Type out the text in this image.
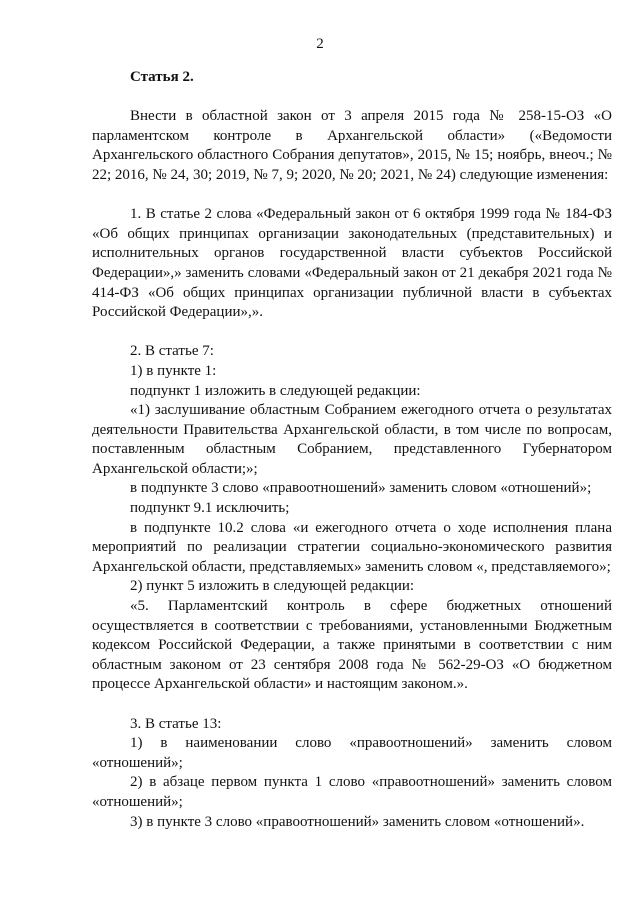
2
Статья 2.

Внести в областной закон от 3 апреля 2015 года № 258-15-ОЗ «О парламентском контроле в Архангельской области» («Ведомости Архангельского областного Собрания депутатов», 2015, № 15; ноябрь, внеоч.; № 22; 2016, № 24, 30; 2019, № 7, 9; 2020, № 20; 2021, № 24) следующие изменения:

1. В статье 2 слова «Федеральный закон от 6 октября 1999 года № 184-ФЗ «Об общих принципах организации законодательных (представительных) и исполнительных органов государственной власти субъектов Российской Федерации»,» заменить словами «Федеральный закон от 21 декабря 2021 года № 414-ФЗ «Об общих принципах организации публичной власти в субъектах Российской Федерации»,».

2. В статье 7:

1) в пункте 1:

подпункт 1 изложить в следующей редакции:

«1) заслушивание областным Собранием ежегодного отчета о результатах деятельности Правительства Архангельской области, в том числе по вопросам, поставленным областным Собранием, представленного Губернатором Архангельской области;»;

в подпункте 3 слово «правоотношений» заменить словом «отношений»;

подпункт 9.1 исключить;

в подпункте 10.2 слова «и ежегодного отчета о ходе исполнения плана мероприятий по реализации стратегии социально-экономического развития Архангельской области, представляемых» заменить словом «, представляемого»;

2) пункт 5 изложить в следующей редакции:

«5. Парламентский контроль в сфере бюджетных отношений осуществляется в соответствии с требованиями, установленными Бюджетным кодексом Российской Федерации, а также принятыми в соответствии с ним областным законом от 23 сентября 2008 года № 562-29-ОЗ «О бюджетном процессе Архангельской области» и настоящим законом.».

3. В статье 13:

1) в наименовании слово «правоотношений» заменить словом «отношений»;

2) в абзаце первом пункта 1 слово «правоотношений» заменить словом «отношений»;

3) в пункте 3 слово «правоотношений» заменить словом «отношений».
